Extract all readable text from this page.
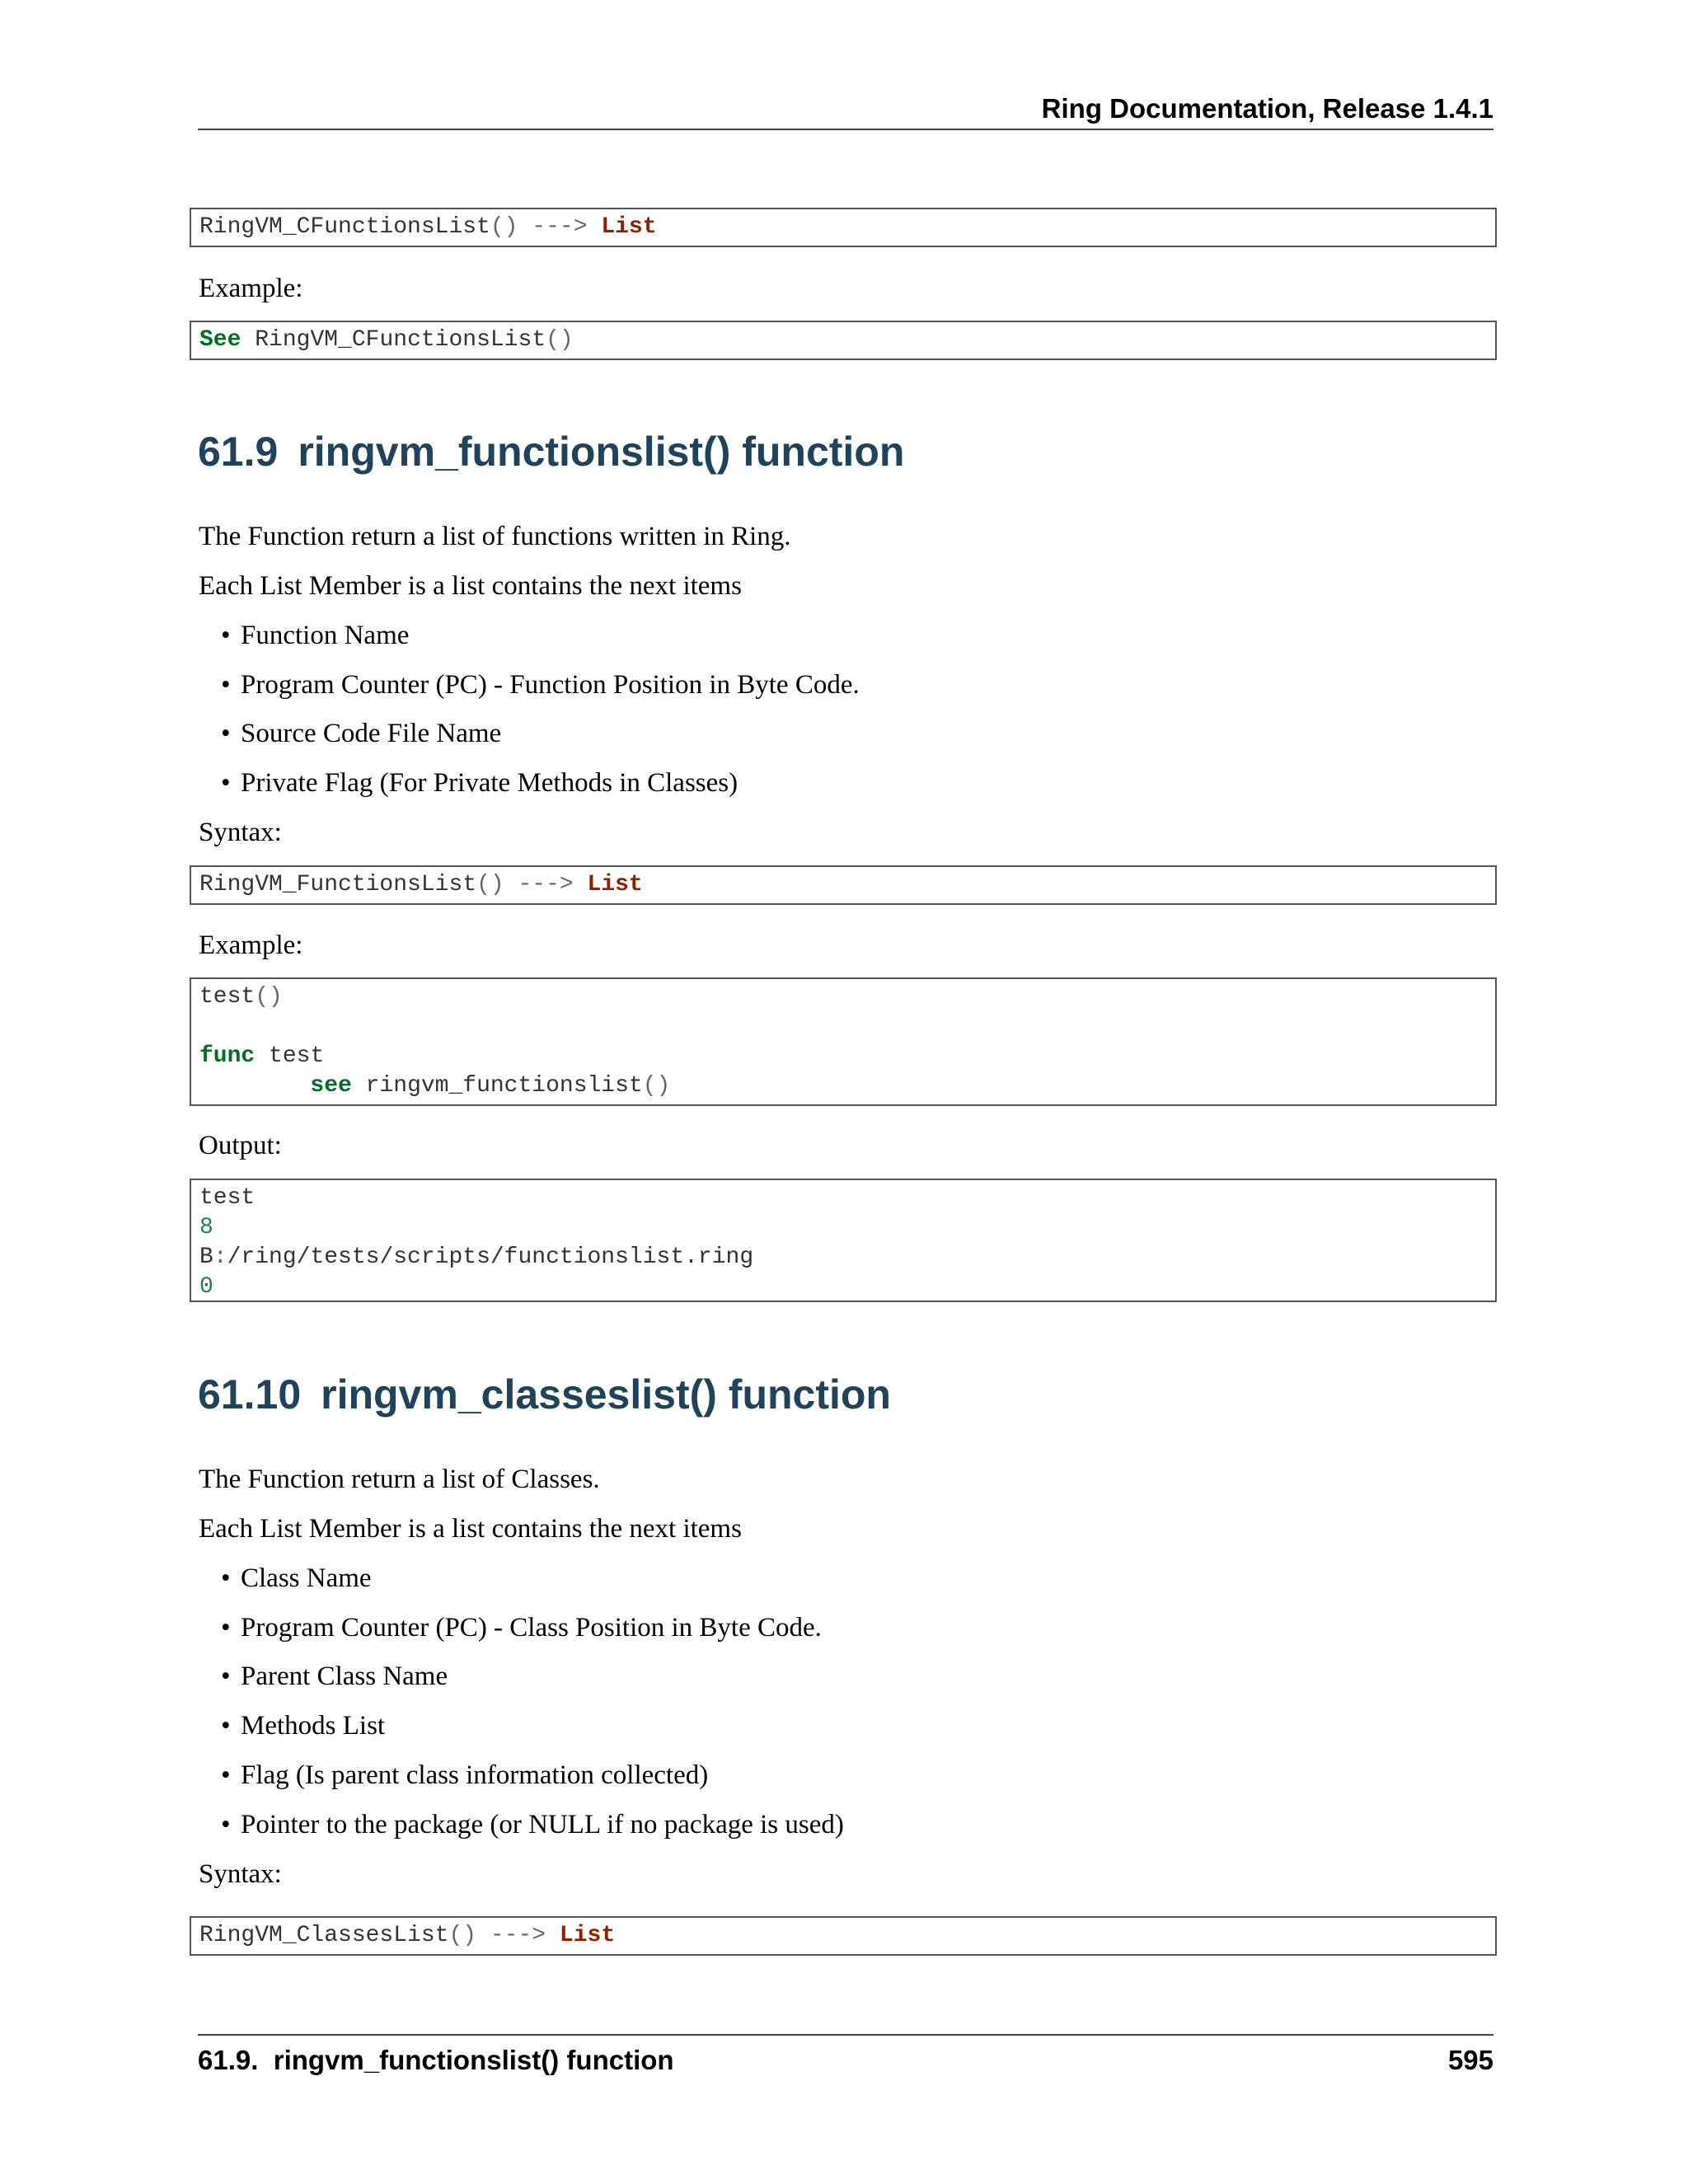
Ring Documentation, Release 1.4.1
RingVM_CFunctionsList() ---> List
Example:
See RingVM_CFunctionsList()
61.9 ringvm_functionslist() function
The Function return a list of functions written in Ring.
Each List Member is a list contains the next items
• Function Name
• Program Counter (PC) - Function Position in Byte Code.
• Source Code File Name
• Private Flag (For Private Methods in Classes)
Syntax:
RingVM_FunctionsList() ---> List
Example:
test()

func test
see ringvm_functionslist()
Output:
test
8
B:/ring/tests/scripts/functionslist.ring
0
61.10 ringvm_classeslist() function
The Function return a list of Classes.
Each List Member is a list contains the next items
• Class Name
• Program Counter (PC) - Class Position in Byte Code.
• Parent Class Name
• Methods List
• Flag (Is parent class information collected)
• Pointer to the package (or NULL if no package is used)
Syntax:
RingVM_ClassesList() ---> List
61.9.  ringvm_functionslist() function	595
